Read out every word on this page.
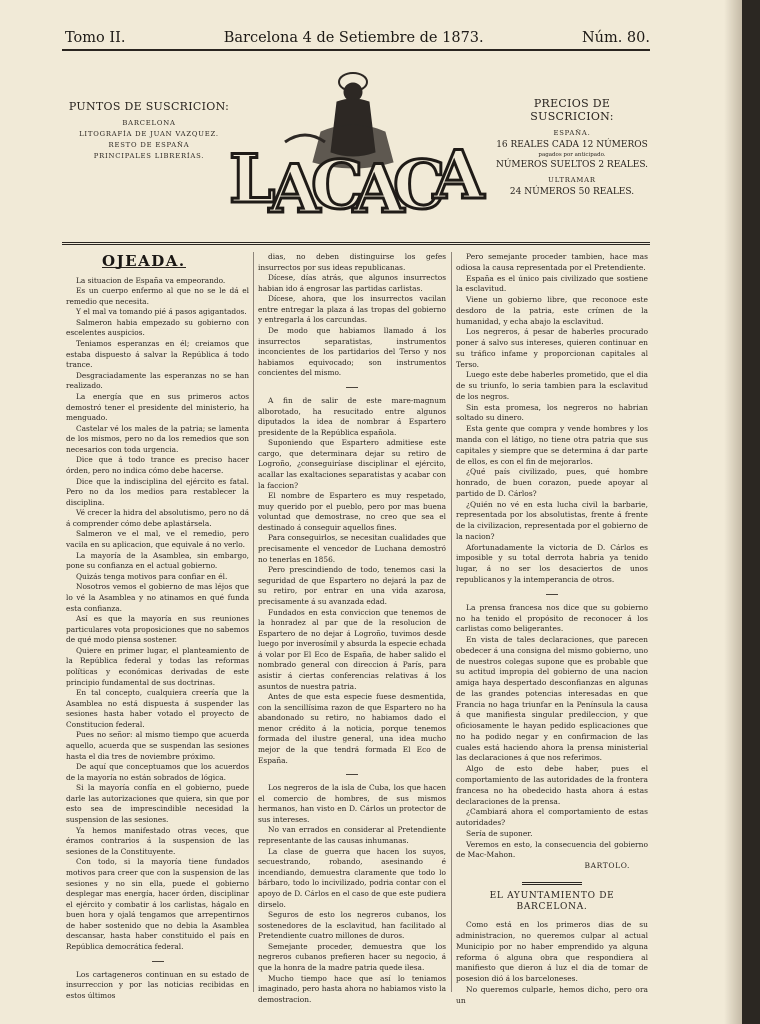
Tomo II.	Barcelona 4 de Setiembre de 1873.	Núm. 80.
PUNTOS DE SUSCRICION:
BARCELONA
LITOGRAFÍA DE JUAN VAZQUEZ.
RESTO DE ESPAÑA
PRINCIPALES LIBRERÍAS. L
A
C
A
C
A
PRECIOS DE SUSCRICION:
ESPAÑA.
16 REALES CADA 12 NÚMEROS
pagados por anticipado.
NÚMEROS SUELTOS 2 REALES.
ULTRAMAR
24 NÚMEROS 50 REALES.

OJEADA.

La situacion de España va empeorando.

Es un cuerpo enfermo al que no se le dá el remedio que necesita.

Y el mal va tomando pié á pasos agigantados.

Salmeron habia empezado su gobierno con escelentes auspicios.

Teniamos esperanzas en él; creiamos que estaba dispuesto á salvar la República á todo trance.

Desgraciadamente las esperanzas no se han realizado.

La energía que en sus primeros actos demostró tener el presidente del ministerio, ha menguado.

Castelar vé los males de la patria; se lamenta de los mismos, pero no da los remedios que son necesarios con toda urgencia.

Dice que á todo trance es preciso hacer órden, pero no indica cómo debe hacerse.

Dice que la indisciplina del ejército es fatal. Pero no da los medios para restablecer la disciplina.

Vé crecer la hidra del absolutismo, pero no dá á comprender cómo debe aplastársela.

Salmeron ve el mal, ve el remedio, pero vacila en su aplicacion, que equivale á no verlo.

La mayoría de la Asamblea, sin embargo, pone su confianza en el actual gobierno.

Quizás tenga motivos para confiar en él.

Nosotros vemos el gobierno de mas léjos que lo vé la Asamblea y no atinamos en qué funda esta confianza.

Así es que la mayoría en sus reuniones particulares vota proposiciones que no sabemos de qué modo piensa sostener.

Quiere en primer lugar, el planteamiento de la República federal y todas las reformas políticas y económicas derivadas de este principio fundamental de sus doctrinas.

En tal concepto, cualquiera creería que la Asamblea no está dispuesta á suspender las sesiones hasta haber votado el proyecto de Constitucion federal.

Pues no señor: al mismo tiempo que acuerda aquello, acuerda que se suspendan las sesiones hasta el dia tres de noviembre próximo.

De aquí que conceptuamos que los acuerdos de la mayoría no están sobrados de lógica.

Si la mayoría confía en el gobierno, puede darle las autorizaciones que quiera, sin que por esto sea de imprescindible necesidad la suspension de las sesiones.

Ya hemos manifestado otras veces, que éramos contrarios á la suspension de las sesiones de la Constituyente.

Con todo, si la mayoría tiene fundados motivos para creer que con la suspension de las sesiones y no sin ella, puede el gobierno desplegar mas energía, hacer órden, disciplinar el ejército y combatir á los carlistas, hágalo en buen hora y ojalá tengamos que arrepentirnos de haber sostenido que no debia la Asamblea descansar, hasta haber constituido el país en República democrática federal.

Los cartageneros continuan en su estado de insurreccion y por las noticias recibidas en estos últimos

dias, no deben distinguirse los gefes insurrectos por sus ideas republicanas.

Dícese, días atrás, que algunos insurrectos habian ido á engrosar las partidas carlistas.

Dícese, ahora, que los insurrectos vacilan entre entregar la plaza á las tropas del gobierno y entregarla á los carcundas.

De modo que habiamos llamado á los insurrectos separatistas, instrumentos inconcientes de los partidarios del Terso y nos habiamos equivocado; son instrumentos concientes del mismo.

A fin de salir de este mare-magnum alborotado, ha resucitado entre algunos diputados la idea de nombrar á Espartero presidente de la República española.

Suponiendo que Espartero admitiese este cargo, que determinara dejar su retiro de Logroño, ¿conseguiríase disciplinar el ejército, acallar las exaltaciones separatistas y acabar con la faccion?

El nombre de Espartero es muy respetado, muy querido por el pueblo, pero por mas buena voluntad que demostrase, no creo que sea el destinado á conseguir aquellos fines.

Para conseguirlos, se necesitan cualidades que precisamente el vencedor de Luchana demostró no tenerlas en 1856.

Pero prescindiendo de todo, tenemos casi la seguridad de que Espartero no dejará la paz de su retiro, por entrar en una vida azarosa, precisamente á su avanzada edad.

Fundados en esta conviccion que tenemos de la honradez al par que de la resolucion de Espartero de no dejar á Logroño, tuvimos desde luego por inverosímil y absurda la especie echada á volar por El Eco de España, de haber salido el nombrado general con direccion á París, para asistir á ciertas conferencias relativas á los asuntos de nuestra patria.

Antes de que esta especie fuese desmentida, con la sencillísima razon de que Espartero no ha abandonado su retiro, no habiamos dado el menor crédito á la noticia, porque tenemos formada del ilustre general, una idea mucho mejor de la que tendrá formada El Eco de España.

Los negreros de la isla de Cuba, los que hacen el comercio de hombres, de sus mismos hermanos, han visto en D. Cárlos un protector de sus intereses.

No van errados en considerar al Pretendiente representante de las causas inhumanas.

La clase de guerra que hacen los suyos, secuestrando, robando, asesinando é incendiando, demuestra claramente que todo lo bárbaro, todo lo incivilizado, podria contar con el apoyo de D. Cárlos en el caso de que este pudiera dirselo.

Seguros de esto los negreros cubanos, los sostenedores de la esclavitud, han facilitado al Pretendiente cuatro millones de duros.

Semejante proceder, demuestra que los negreros cubanos prefieren hacer su negocio, á que la honra de la madre patria quede ilesa.

Mucho tiempo hace que así lo teniamos imaginado, pero hasta ahora no habiamos visto la demostracion.

Pero semejante proceder tambien, hace mas odiosa la causa representada por el Pretendiente.

España es el único pais civilizado que sostiene la esclavitud.

Viene un gobierno libre, que reconoce este desdoro de la patria, este crímen de la humanidad, y echa abajo la esclavitud.

Los negreros, á pesar de haberles procurado poner á salvo sus intereses, quieren continuar en su tráfico infame y proporcionan capitales al Terso.

Luego este debe haberles prometido, que el dia de su triunfo, lo seria tambien para la esclavitud de los negros.

Sin esta promesa, los negreros no habrian soltado su dinero.

Esta gente que compra y vende hombres y los manda con el látigo, no tiene otra patria que sus capitales y siempre que se determina á dar parte de ellos, es con el fin de mejorarlos.

¿Qué país civilizado, pues, qué hombre honrado, de buen corazon, puede apoyar al partido de D. Cárlos?

¿Quién no vé en esta lucha civil la barbarie, representada por los absolutistas, frente á frente de la civilizacion, representada por el gobierno de la nacion?

Afortunadamente la victoria de D. Cárlos es imposible y su total derrota habria ya tenido lugar, á no ser los desaciertos de unos republicanos y la intemperancia de otros.

La prensa francesa nos dice que su gobierno no ha tenido el propósito de reconocer á los carlistas como beligerantes.

En vista de tales declaraciones, que parecen obedecer á una consigna del mismo gobierno, uno de nuestros colegas supone que es probable que su actitud impropia del gobierno de una nacion amiga haya despertado desconfianzas en algunas de las grandes potencias interesadas en que Francia no haga triunfar en la Península la causa á que manifiesta singular predileccion, y que oficiosamente le hayan pedido esplicaciones que no ha podido negar y en confirmacion de las cuales está haciendo ahora la prensa ministerial las declaraciones á que nos referimos.

Algo de esto debe haber, pues el comportamiento de las autoridades de la frontera francesa no ha obedecido hasta ahora á estas declaraciones de la prensa.

¿Cambiará ahora el comportamiento de estas autoridades?

Sería de suponer.

Veremos en esto, la consecuencia del gobierno de Mac-Mahon.

BARTOLO.

EL AYUNTAMIENTO DE BARCELONA.

Como está en los primeros dias de su administracion, no queremos culpar al actual Municipio por no haber emprendido ya alguna reforma ó alguna obra que respondiera al manifiesto que dieron á luz el dia de tomar de posesion dió á los barceloneses.

No queremos culparle, hemos dicho, pero ora un
